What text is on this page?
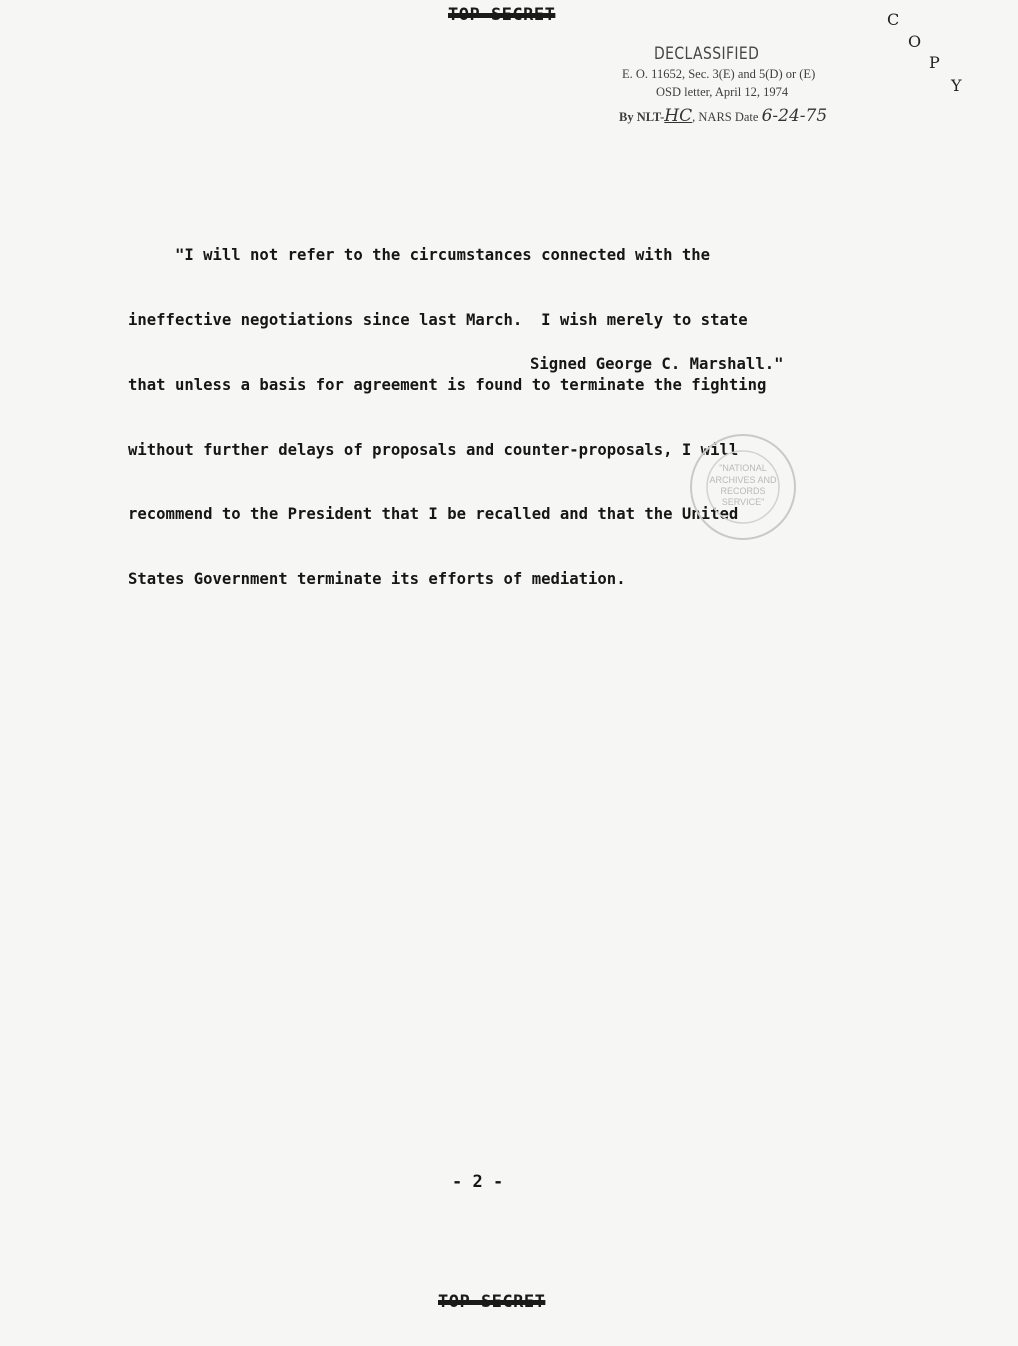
TOP SECRET	C
O
P
Y
DECLASSIFIED
E. O. 11652, Sec. 3(E) and 5(D) or (E)
OSD letter, April 12, 1974
By NLT-HC, NARS Date 6-24-75

"I will not refer to the circumstances connected with the

ineffective negotiations since last March.  I wish merely to state

that unless a basis for agreement is found to terminate the fighting

without further delays of proposals and counter-proposals, I will

recommend to the President that I be recalled and that the United

States Government terminate its efforts of mediation.

Signed George C. Marshall."
"NATIONAL
ARCHIVES AND
RECORDS
SERVICE"
- 2 -
TOP SECRET
